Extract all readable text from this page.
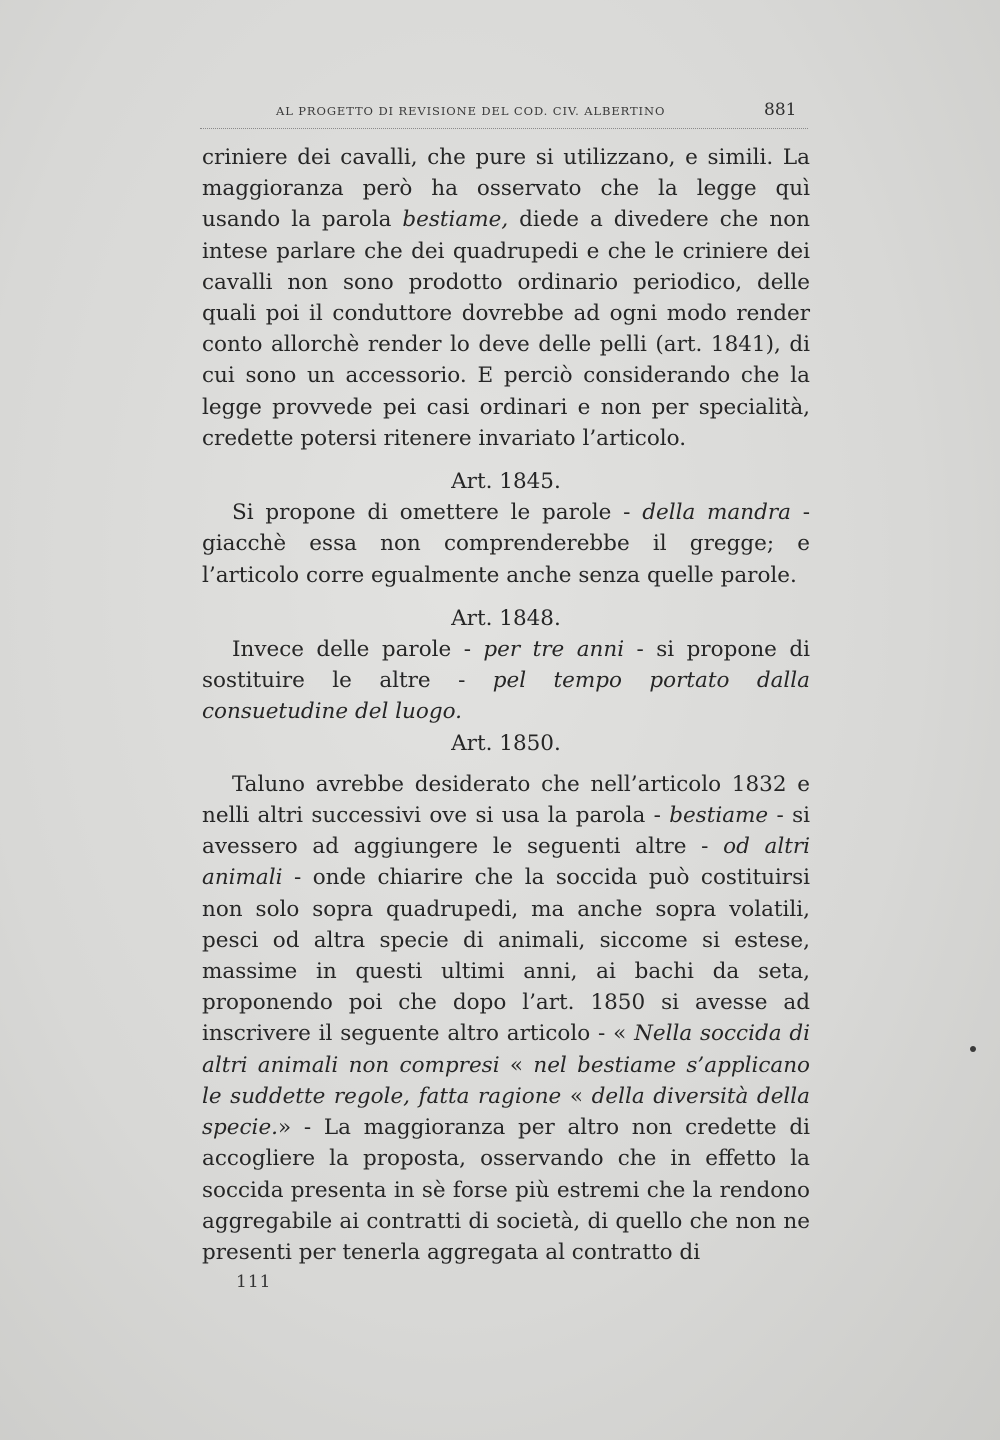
AL PROGETTO DI REVISIONE DEL COD. CIV. ALBERTINO	881

criniere dei cavalli, che pure si utilizzano, e simili. La maggioranza però ha osservato che la legge quì usando la parola bestiame, diede a divedere che non intese parlare che dei quadrupedi e che le criniere dei cavalli non sono prodotto ordinario periodico, delle quali poi il conduttore dovrebbe ad ogni modo render conto allorchè render lo deve delle pelli (art. 1841), di cui sono un accessorio. E perciò considerando che la legge provvede pei casi ordinari e non per specialità, credette potersi ritenere invariato l’articolo.

Art. 1845.

Si propone di omettere le parole - della mandra - giacchè essa non comprenderebbe il gregge; e l’articolo corre egualmente anche senza quelle parole.

Art. 1848.

Invece delle parole - per tre anni - si propone di sostituire le altre - pel tempo portato dalla consuetudine del luogo.

Art. 1850.

Taluno avrebbe desiderato che nell’articolo 1832 e nelli altri successivi ove si usa la parola - bestiame - si avessero ad aggiungere le seguenti altre - od altri animali - onde chiarire che la soccida può costituirsi non solo sopra quadrupedi, ma anche sopra volatili, pesci od altra specie di animali, siccome si estese, massime in questi ultimi anni, ai bachi da seta, proponendo poi che dopo l’art. 1850 si avesse ad inscrivere il seguente altro articolo - « Nella soccida di altri animali non compresi « nel bestiame s’applicano le suddette regole, fatta ragione « della diversità della specie.» - La maggioranza per altro non credette di accogliere la proposta, osservando che in effetto la soccida presenta in sè forse più estremi che la rendono aggregabile ai contratti di società, di quello che non ne presenti per tenerla aggregata al contratto di

111
